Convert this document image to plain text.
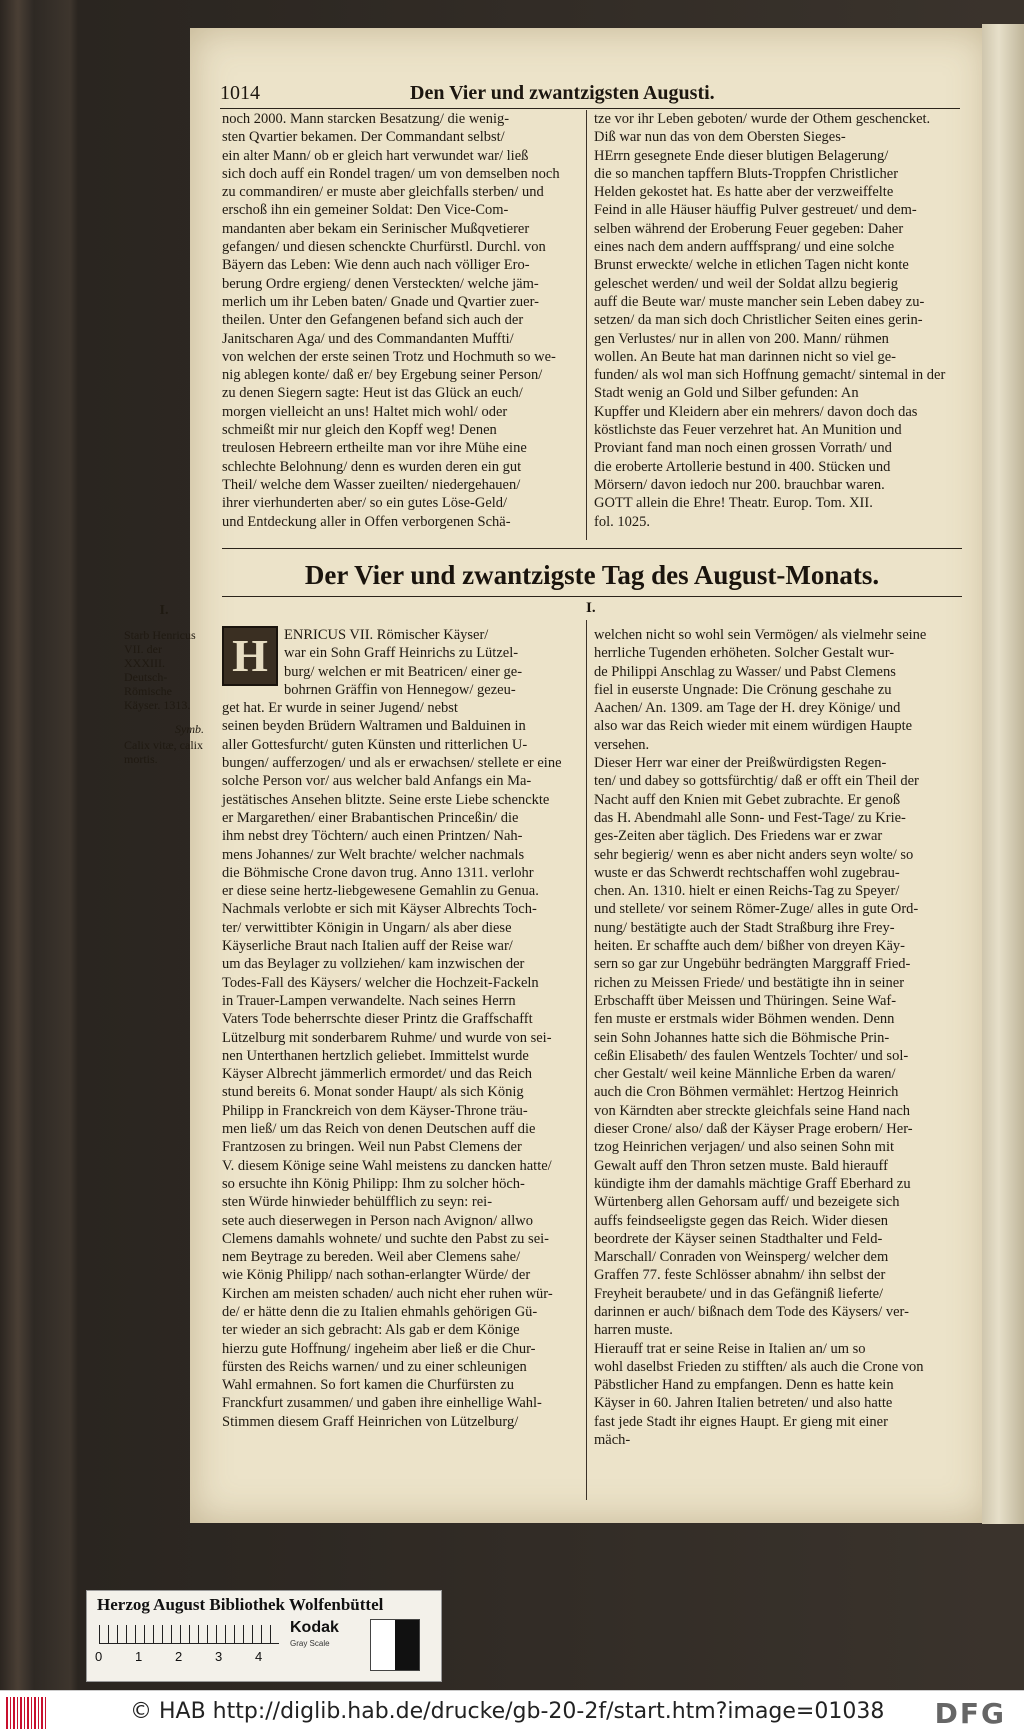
1014	Den Vier und zwantzigsten Augusti.

noch 2000. Mann starcken Besatzung/ die wenig-

sten Qvartier bekamen. Der Commandant selbst/

ein alter Mann/ ob er gleich hart verwundet war/ ließ

sich doch auff ein Rondel tragen/ um von demselben noch

zu commandiren/ er muste aber gleichfalls sterben/ und

erschoß ihn ein gemeiner Soldat: Den Vice-Com-

mandanten aber bekam ein Serinischer Mußqvetierer

gefangen/ und diesen schenckte Churfürstl. Durchl. von

Bäyern das Leben: Wie denn auch nach völliger Ero-

berung Ordre ergieng/ denen Versteckten/ welche jäm-

merlich um ihr Leben baten/ Gnade und Qvartier zuer-

theilen. Unter den Gefangenen befand sich auch der

Janitscharen Aga/ und des Commandanten Muffti/

von welchen der erste seinen Trotz und Hochmuth so we-

nig ablegen konte/ daß er/ bey Ergebung seiner Person/

zu denen Siegern sagte: Heut ist das Glück an euch/

morgen vielleicht an uns! Haltet mich wohl/ oder

schmeißt mir nur gleich den Kopff weg! Denen

treulosen Hebreern ertheilte man vor ihre Mühe eine

schlechte Belohnung/ denn es wurden deren ein gut

Theil/ welche dem Wasser zueilten/ niedergehauen/

ihrer vierhunderten aber/ so ein gutes Löse-Geld/

und Entdeckung aller in Offen verborgenen Schä-

tze vor ihr Leben geboten/ wurde der Othem geschencket.

Diß war nun das von dem Obersten Sieges-

HErrn gesegnete Ende dieser blutigen Belagerung/

die so manchen tapffern Bluts-Troppfen Christlicher

Helden gekostet hat. Es hatte aber der verzweiffelte

Feind in alle Häuser häuffig Pulver gestreuet/ und dem-

selben während der Eroberung Feuer gegeben: Daher

eines nach dem andern aufffsprang/ und eine solche

Brunst erweckte/ welche in etlichen Tagen nicht konte

geleschet werden/ und weil der Soldat allzu begierig

auff die Beute war/ muste mancher sein Leben dabey zu-

setzen/ da man sich doch Christlicher Seiten eines gerin-

gen Verlustes/ nur in allen von 200. Mann/ rühmen

wollen. An Beute hat man darinnen nicht so viel ge-

funden/ als wol man sich Hoffnung gemacht/ sintemal in der

Stadt wenig an Gold und Silber gefunden: An

Kupffer und Kleidern aber ein mehrers/ davon doch das

köstlichste das Feuer verzehret hat. An Munition und

Proviant fand man noch einen grossen Vorrath/ und

die eroberte Artollerie bestund in 400. Stücken und

Mörsern/ davon iedoch nur 200. brauchbar waren.

GOTT allein die Ehre! Theatr. Europ. Tom. XII.

fol. 1025.

Der Vier und zwantzigste Tag des August-Monats.
I.

I.

Starb Henricus VII. der XXXIII. Deutsch-Römische Käyser. 1313.

Symb.

Calix vitæ, calix mortis.

H	ENRICUS VII. Römischer Käyser/

war ein Sohn Graff Heinrichs zu Lützel-

burg/ welchen er mit Beatricen/ einer ge-

bohrnen Gräffin von Hennegow/ gezeu-

get hat. Er wurde in seiner Jugend/ nebst

seinen beyden Brüdern Waltramen und Balduinen in

aller Gottesfurcht/ guten Künsten und ritterlichen U-

bungen/ aufferzogen/ und als er erwachsen/ stellete er eine

solche Person vor/ aus welcher bald Anfangs ein Ma-

jestätisches Ansehen blitzte. Seine erste Liebe schenckte

er Margarethen/ einer Brabantischen Princeßin/ die

ihm nebst drey Töchtern/ auch einen Printzen/ Nah-

mens Johannes/ zur Welt brachte/ welcher nachmals

die Böhmische Crone davon trug. Anno 1311. verlohr

er diese seine hertz-liebgewesene Gemahlin zu Genua.

Nachmals verlobte er sich mit Käyser Albrechts Toch-

ter/ verwittibter Königin in Ungarn/ als aber diese

Käyserliche Braut nach Italien auff der Reise war/

um das Beylager zu vollziehen/ kam inzwischen der

Todes-Fall des Käysers/ welcher die Hochzeit-Fackeln

in Trauer-Lampen verwandelte. Nach seines Herrn

Vaters Tode beherrschte dieser Printz die Graffschafft

Lützelburg mit sonderbarem Ruhme/ und wurde von sei-

nen Unterthanen hertzlich geliebet. Immittelst wurde

Käyser Albrecht jämmerlich ermordet/ und das Reich

stund bereits 6. Monat sonder Haupt/ als sich König

Philipp in Franckreich von dem Käyser-Throne träu-

men ließ/ um das Reich von denen Deutschen auff die

Frantzosen zu bringen. Weil nun Pabst Clemens der

V. diesem Könige seine Wahl meistens zu dancken hatte/

so ersuchte ihn König Philipp: Ihm zu solcher höch-

sten Würde hinwieder behülfflich zu seyn: rei-

sete auch dieserwegen in Person nach Avignon/ allwo

Clemens damahls wohnete/ und suchte den Pabst zu sei-

nem Beytrage zu bereden. Weil aber Clemens sahe/

wie König Philipp/ nach sothan-erlangter Würde/ der

Kirchen am meisten schaden/ auch nicht eher ruhen wür-

de/ er hätte denn die zu Italien ehmahls gehörigen Gü-

ter wieder an sich gebracht: Als gab er dem Könige

hierzu gute Hoffnung/ ingeheim aber ließ er die Chur-

fürsten des Reichs warnen/ und zu einer schleunigen

Wahl ermahnen. So fort kamen die Churfürsten zu

Franckfurt zusammen/ und gaben ihre einhellige Wahl-

Stimmen diesem Graff Heinrichen von Lützelburg/

welchen nicht so wohl sein Vermögen/ als vielmehr seine

herrliche Tugenden erhöheten. Solcher Gestalt wur-

de Philippi Anschlag zu Wasser/ und Pabst Clemens

fiel in euserste Ungnade: Die Crönung geschahe zu

Aachen/ An. 1309. am Tage der H. drey Könige/ und

also war das Reich wieder mit einem würdigen Haupte

versehen.

Dieser Herr war einer der Preißwürdigsten Regen-

ten/ und dabey so gottsfürchtig/ daß er offt ein Theil der

Nacht auff den Knien mit Gebet zubrachte. Er genoß

das H. Abendmahl alle Sonn- und Fest-Tage/ zu Krie-

ges-Zeiten aber täglich. Des Friedens war er zwar

sehr begierig/ wenn es aber nicht anders seyn wolte/ so

wuste er das Schwerdt rechtschaffen wohl zugebrau-

chen. An. 1310. hielt er einen Reichs-Tag zu Speyer/

und stellete/ vor seinem Römer-Zuge/ alles in gute Ord-

nung/ bestätigte auch der Stadt Straßburg ihre Frey-

heiten. Er schaffte auch dem/ bißher von dreyen Käy-

sern so gar zur Ungebühr bedrängten Marggraff Fried-

richen zu Meissen Friede/ und bestätigte ihn in seiner

Erbschafft über Meissen und Thüringen. Seine Waf-

fen muste er erstmals wider Böhmen wenden. Denn

sein Sohn Johannes hatte sich die Böhmische Prin-

ceßin Elisabeth/ des faulen Wentzels Tochter/ und sol-

cher Gestalt/ weil keine Männliche Erben da waren/

auch die Cron Böhmen vermählet: Hertzog Heinrich

von Kärndten aber streckte gleichfals seine Hand nach

dieser Crone/ also/ daß der Käyser Prage erobern/ Her-

tzog Heinrichen verjagen/ und also seinen Sohn mit

Gewalt auff den Thron setzen muste. Bald hierauff

kündigte ihm der damahls mächtige Graff Eberhard zu

Würtenberg allen Gehorsam auff/ und bezeigete sich

auffs feindseeligste gegen das Reich. Wider diesen

beordrete der Käyser seinen Stadthalter und Feld-

Marschall/ Conraden von Weinsperg/ welcher dem

Graffen 77. feste Schlösser abnahm/ ihn selbst der

Freyheit beraubete/ und in das Gefängniß lieferte/

darinnen er auch/ bißnach dem Tode des Käysers/ ver-

harren muste.

Hierauff trat er seine Reise in Italien an/ um so

wohl daselbst Frieden zu stifften/ als auch die Crone von

Päbstlicher Hand zu empfangen. Denn es hatte kein

Käyser in 60. Jahren Italien betreten/ und also hatte

fast jede Stadt ihr eignes Haupt. Er gieng mit einer

mäch-

Herzog August Bibliothek Wolfenbüttel
0	1	2	3	4
Kodak
Gray Scale
© HAB http://diglib.hab.de/drucke/gb-20-2f/start.htm?image=01038 DFG
